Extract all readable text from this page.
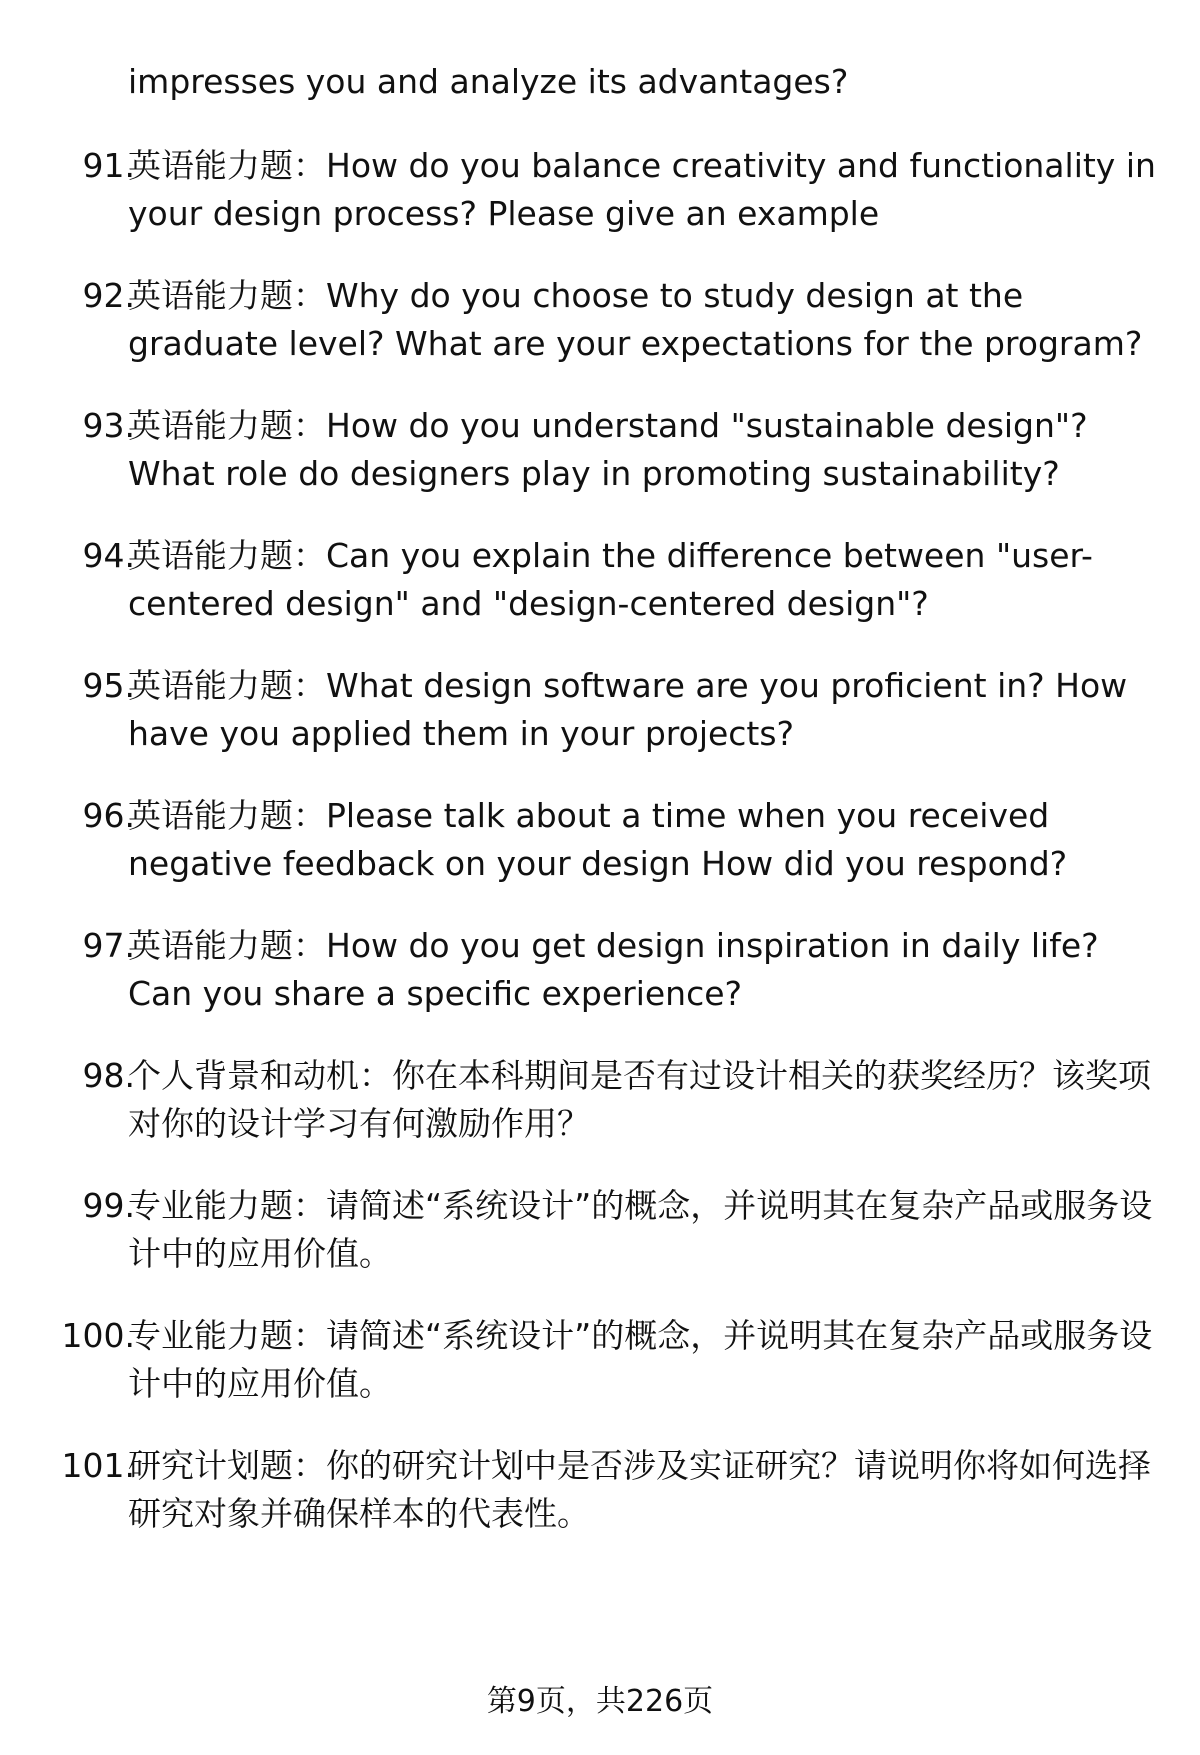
impresses you and analyze its advantages?
91.
英语能力题：How do you balance creativity and functionality in your design process? Please give an example
92.
英语能力题：Why do you choose to study design at the graduate level? What are your expectations for the program?
93.
英语能力题：How do you understand "sustainable design"? What role do designers play in promoting sustainability?
94.
英语能力题：Can you explain the difference between "user-centered design" and "design-centered design"?
95.
英语能力题：What design software are you proficient in? How have you applied them in your projects?
96.
英语能力题：Please talk about a time when you received negative feedback on your design How did you respond?
97.
英语能力题：How do you get design inspiration in daily life? Can you share a specific experience?
98.
个人背景和动机：你在本科期间是否有过设计相关的获奖经历？该奖项对你的设计学习有何激励作用？
99.
专业能力题：请简述“系统设计”的概念，并说明其在复杂产品或服务设计中的应用价值。
100.
专业能力题：请简述“系统设计”的概念，并说明其在复杂产品或服务设计中的应用价值。
101.
研究计划题：你的研究计划中是否涉及实证研究？请说明你将如何选择研究对象并确保样本的代表性。
第9页，共226页
